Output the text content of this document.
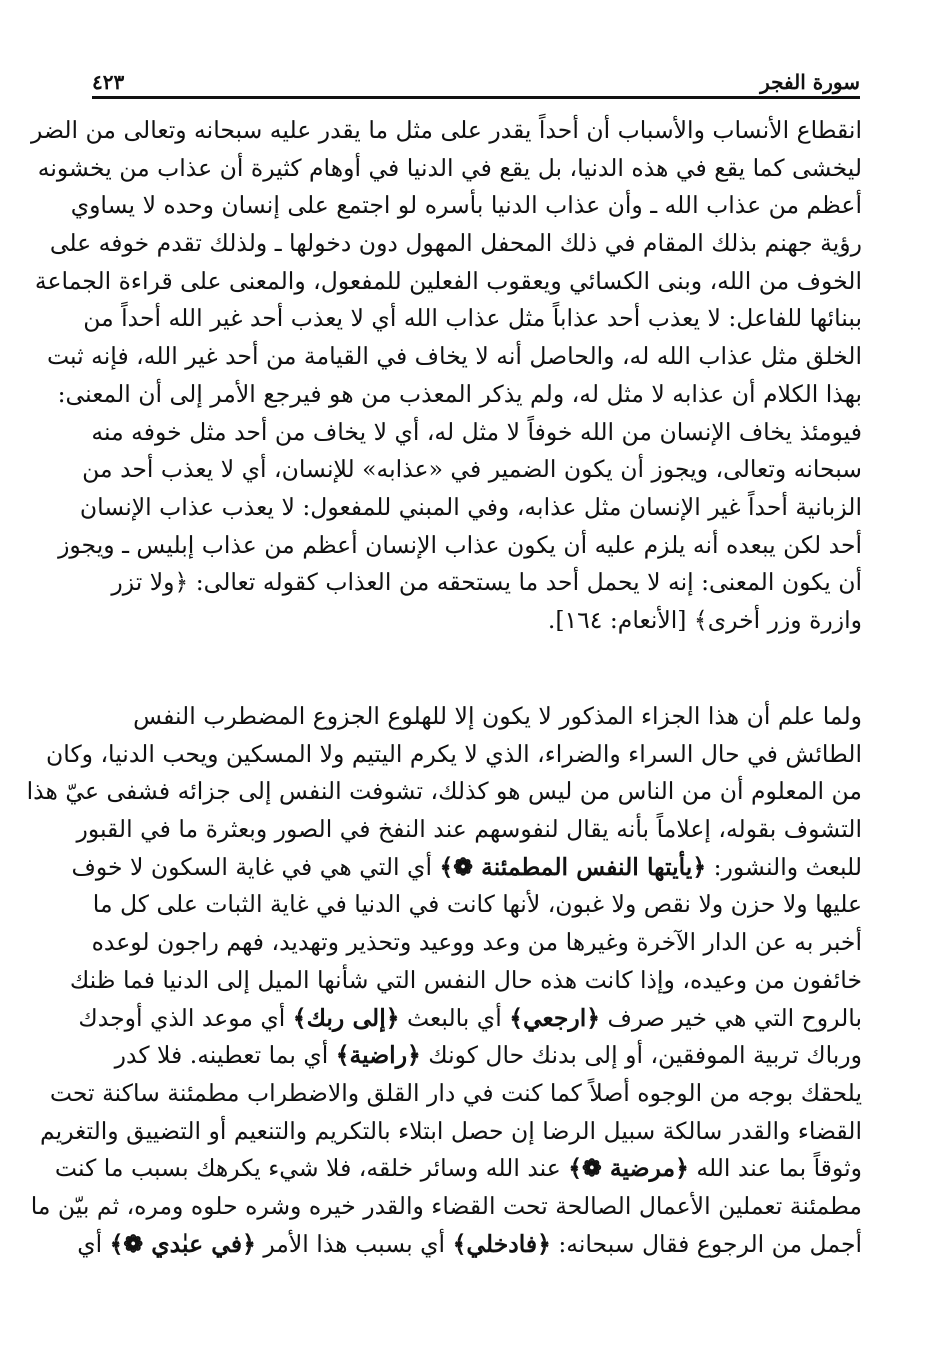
سورة الفجر
٤٢٣

انقطاع الأنساب والأسباب أن أحداً يقدر على مثل ما يقدر عليه سبحانه وتعالى من الضر
ليخشى كما يقع في هذه الدنيا، بل يقع في الدنيا في أوهام كثيرة أن عذاب من يخشونه
أعظم من عذاب الله ـ وأن عذاب الدنيا بأسره لو اجتمع على إنسان وحده لا يساوي
رؤية جهنم بذلك المقام في ذلك المحفل المهول دون دخولها ـ ولذلك تقدم خوفه على
الخوف من الله، وبنى الكسائي ويعقوب الفعلين للمفعول، والمعنى على قراءة الجماعة
ببنائها للفاعل: لا يعذب أحد عذاباً مثل عذاب الله أي لا يعذب أحد غير الله أحداً من
الخلق مثل عذاب الله له، والحاصل أنه لا يخاف في القيامة من أحد غير الله، فإنه ثبت
بهذا الكلام أن عذابه لا مثل له، ولم يذكر المعذب من هو فيرجع الأمر إلى أن المعنى:
فيومئذ يخاف الإنسان من الله خوفاً لا مثل له، أي لا يخاف من أحد مثل خوفه منه
سبحانه وتعالى، ويجوز أن يكون الضمير في «عذابه» للإنسان، أي لا يعذب أحد من
الزبانية أحداً غير الإنسان مثل عذابه، وفي المبني للمفعول: لا يعذب عذاب الإنسان
أحد لكن يبعده أنه يلزم عليه أن يكون عذاب الإنسان أعظم من عذاب إبليس ـ ويجوز
أن يكون المعنى: إنه لا يحمل أحد ما يستحقه من العذاب كقوله تعالى: ﴿ولا تزر
وازرة وزر أخرى﴾ [الأنعام: ١٦٤].

ولما علم أن هذا الجزاء المذكور لا يكون إلا للهلوع الجزوع المضطرب النفس
الطائش في حال السراء والضراء، الذي لا يكرم اليتيم ولا المسكين ويحب الدنيا، وكان
من المعلوم أن من الناس من ليس هو كذلك، تشوفت النفس إلى جزائه فشفى عيّ هذا
التشوف بقوله، إعلاماً بأنه يقال لنفوسهم عند النفخ في الصور وبعثرة ما في القبور
للبعث والنشور: ﴿يأيتها النفس المطمئنة ❁﴾ أي التي هي في غاية السكون لا خوف
عليها ولا حزن ولا نقص ولا غبون، لأنها كانت في الدنيا في غاية الثبات على كل ما
أخبر به عن الدار الآخرة وغيرها من وعد ووعيد وتحذير وتهديد، فهم راجون لوعده
خائفون من وعيده، وإذا كانت هذه حال النفس التي شأنها الميل إلى الدنيا فما ظنك
بالروح التي هي خير صرف ﴿ارجعي﴾ أي بالبعث ﴿إلى ربك﴾ أي موعد الذي أوجدك
ورباك تربية الموفقين، أو إلى بدنك حال كونك ﴿راضية﴾ أي بما تعطينه. فلا كدر
يلحقك بوجه من الوجوه أصلاً كما كنت في دار القلق والاضطراب مطمئنة ساكنة تحت
القضاء والقدر سالكة سبيل الرضا إن حصل ابتلاء بالتكريم والتنعيم أو التضييق والتغريم
وثوقاً بما عند الله ﴿مرضية ❁﴾ عند الله وسائر خلقه، فلا شيء يكرهك بسبب ما كنت
مطمئنة تعملين الأعمال الصالحة تحت القضاء والقدر خيره وشره حلوه ومره، ثم بيّن ما
أجمل من الرجوع فقال سبحانه: ﴿فادخلي﴾ أي بسبب هذا الأمر ﴿في عبٰدي ❁﴾ أي
